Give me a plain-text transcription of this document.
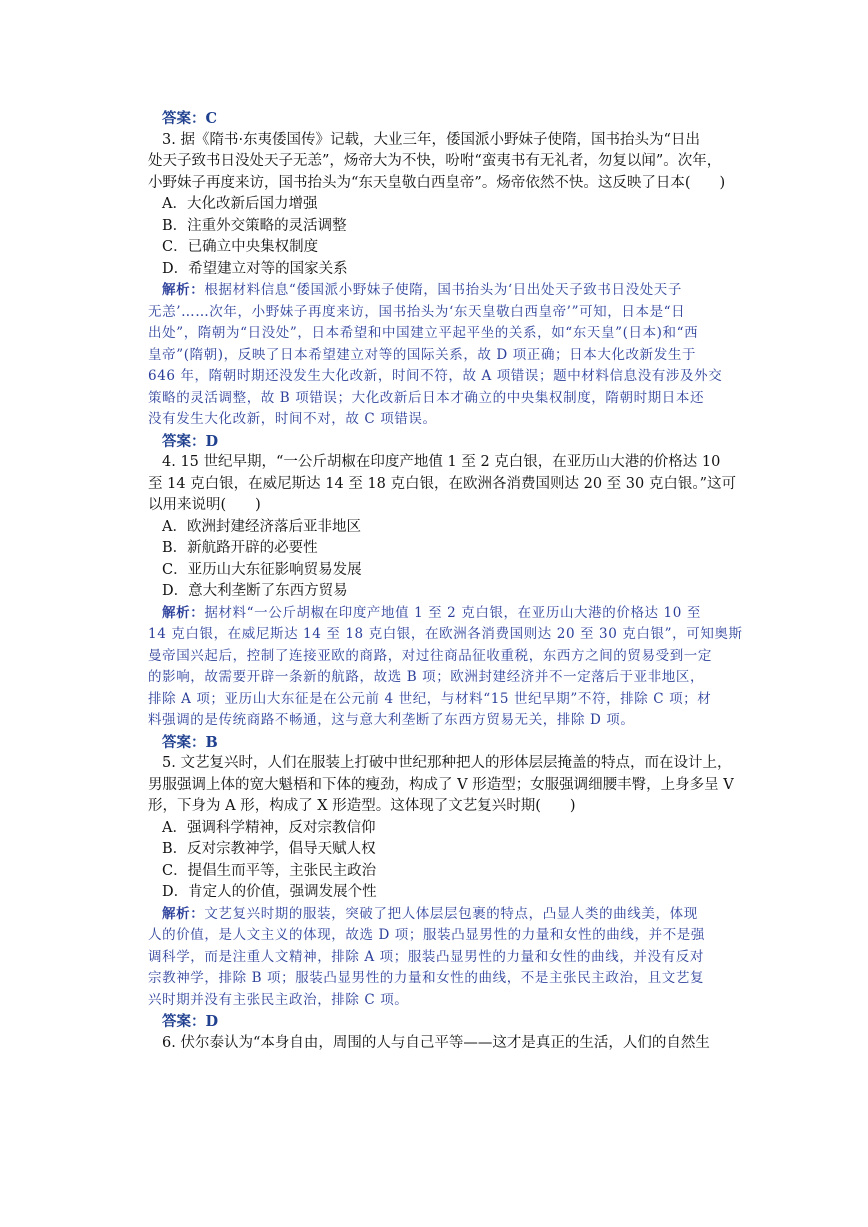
答案：C
3. 据《隋书·东夷倭国传》记载，大业三年，倭国派小野妹子使隋，国书抬头为“日出
处天子致书日没处天子无恙”，炀帝大为不快，吩咐“蛮夷书有无礼者，勿复以闻”。次年，
小野妹子再度来访，国书抬头为“东天皇敬白西皇帝”。炀帝依然不快。这反映了日本(　　)
A．大化改新后国力增强
B．注重外交策略的灵活调整
C．已确立中央集权制度
D．希望建立对等的国家关系
解析：根据材料信息“倭国派小野妹子使隋，国书抬头为‘日出处天子致书日没处天子
无恙’……次年，小野妹子再度来访，国书抬头为‘东天皇敬白西皇帝’”可知，日本是“日
出处”，隋朝为“日没处”，日本希望和中国建立平起平坐的关系，如“东天皇”(日本)和“西
皇帝”(隋朝)，反映了日本希望建立对等的国际关系，故 D 项正确；日本大化改新发生于
646 年，隋朝时期还没发生大化改新，时间不符，故 A 项错误；题中材料信息没有涉及外交
策略的灵活调整，故 B 项错误；大化改新后日本才确立的中央集权制度，隋朝时期日本还
没有发生大化改新，时间不对，故 C 项错误。
答案：D
4. 15 世纪早期，“一公斤胡椒在印度产地值 1 至 2 克白银，在亚历山大港的价格达 10
至 14 克白银，在威尼斯达 14 至 18 克白银，在欧洲各消费国则达 20 至 30 克白银。”这可
以用来说明(　　)
A．欧洲封建经济落后亚非地区
B．新航路开辟的必要性
C．亚历山大东征影响贸易发展
D．意大利垄断了东西方贸易
解析：据材料“一公斤胡椒在印度产地值 1 至 2 克白银，在亚历山大港的价格达 10 至
14 克白银，在威尼斯达 14 至 18 克白银，在欧洲各消费国则达 20 至 30 克白银”，可知奥斯
曼帝国兴起后，控制了连接亚欧的商路，对过往商品征收重税，东西方之间的贸易受到一定
的影响，故需要开辟一条新的航路，故选 B 项；欧洲封建经济并不一定落后于亚非地区，
排除 A 项；亚历山大东征是在公元前 4 世纪，与材料“15 世纪早期”不符，排除 C 项；材
料强调的是传统商路不畅通，这与意大利垄断了东西方贸易无关，排除 D 项。
答案：B
5. 文艺复兴时，人们在服装上打破中世纪那种把人的形体层层掩盖的特点，而在设计上，
男服强调上体的宽大魁梧和下体的瘦劲，构成了 V 形造型；女服强调细腰丰臀，上身多呈 V
形，下身为 A 形，构成了 X 形造型。这体现了文艺复兴时期(　　)
A．强调科学精神，反对宗教信仰
B．反对宗教神学，倡导天赋人权
C．提倡生而平等，主张民主政治
D．肯定人的价值，强调发展个性
解析：文艺复兴时期的服装，突破了把人体层层包裹的特点，凸显人类的曲线美，体现
人的价值，是人文主义的体现，故选 D 项；服装凸显男性的力量和女性的曲线，并不是强
调科学，而是注重人文精神，排除 A 项；服装凸显男性的力量和女性的曲线，并没有反对
宗教神学，排除 B 项；服装凸显男性的力量和女性的曲线，不是主张民主政治，且文艺复
兴时期并没有主张民主政治，排除 C 项。
答案：D
6. 伏尔泰认为“本身自由，周围的人与自己平等——这才是真正的生活，人们的自然生
